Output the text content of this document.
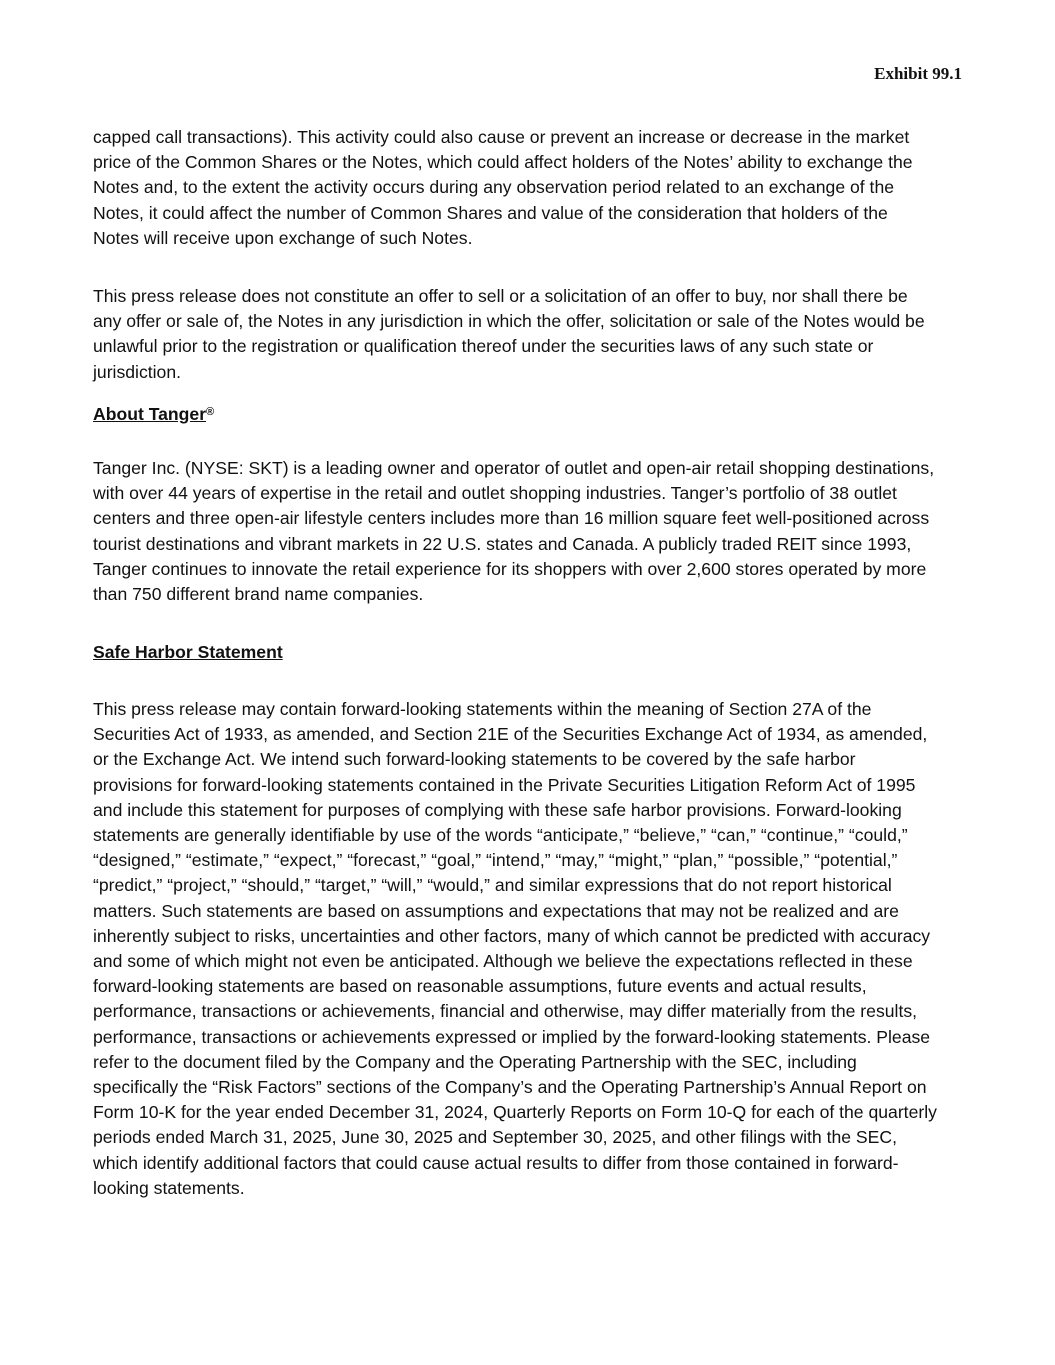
Exhibit 99.1

capped call transactions). This activity could also cause or prevent an increase or decrease in the market price of the Common Shares or the Notes, which could affect holders of the Notes’ ability to exchange the Notes and, to the extent the activity occurs during any observation period related to an exchange of the Notes, it could affect the number of Common Shares and value of the consideration that holders of the Notes will receive upon exchange of such Notes.

This press release does not constitute an offer to sell or a solicitation of an offer to buy, nor shall there be any offer or sale of, the Notes in any jurisdiction in which the offer, solicitation or sale of the Notes would be unlawful prior to the registration or qualification thereof under the securities laws of any such state or jurisdiction.

About Tanger®

Tanger Inc. (NYSE: SKT) is a leading owner and operator of outlet and open-air retail shopping destinations, with over 44 years of expertise in the retail and outlet shopping industries. Tanger’s portfolio of 38 outlet centers and three open-air lifestyle centers includes more than 16 million square feet well-positioned across tourist destinations and vibrant markets in 22 U.S. states and Canada. A publicly traded REIT since 1993, Tanger continues to innovate the retail experience for its shoppers with over 2,600 stores operated by more than 750 different brand name companies.

Safe Harbor Statement

This press release may contain forward-looking statements within the meaning of Section 27A of the Securities Act of 1933, as amended, and Section 21E of the Securities Exchange Act of 1934, as amended, or the Exchange Act. We intend such forward-looking statements to be covered by the safe harbor provisions for forward-looking statements contained in the Private Securities Litigation Reform Act of 1995 and include this statement for purposes of complying with these safe harbor provisions. Forward-looking statements are generally identifiable by use of the words “anticipate,” “believe,” “can,” “continue,” “could,” “designed,” “estimate,” “expect,” “forecast,” “goal,” “intend,” “may,” “might,” “plan,” “possible,” “potential,” “predict,” “project,” “should,” “target,” “will,” “would,” and similar expressions that do not report historical matters. Such statements are based on assumptions and expectations that may not be realized and are inherently subject to risks, uncertainties and other factors, many of which cannot be predicted with accuracy and some of which might not even be anticipated. Although we believe the expectations reflected in these forward-looking statements are based on reasonable assumptions, future events and actual results, performance, transactions or achievements, financial and otherwise, may differ materially from the results, performance, transactions or achievements expressed or implied by the forward-looking statements. Please refer to the document filed by the Company and the Operating Partnership with the SEC, including specifically the “Risk Factors” sections of the Company’s and the Operating Partnership’s Annual Report on Form 10-K for the year ended December 31, 2024, Quarterly Reports on Form 10-Q for each of the quarterly periods ended March 31, 2025, June 30, 2025 and September 30, 2025, and other filings with the SEC, which identify additional factors that could cause actual results to differ from those contained in forward-looking statements.
